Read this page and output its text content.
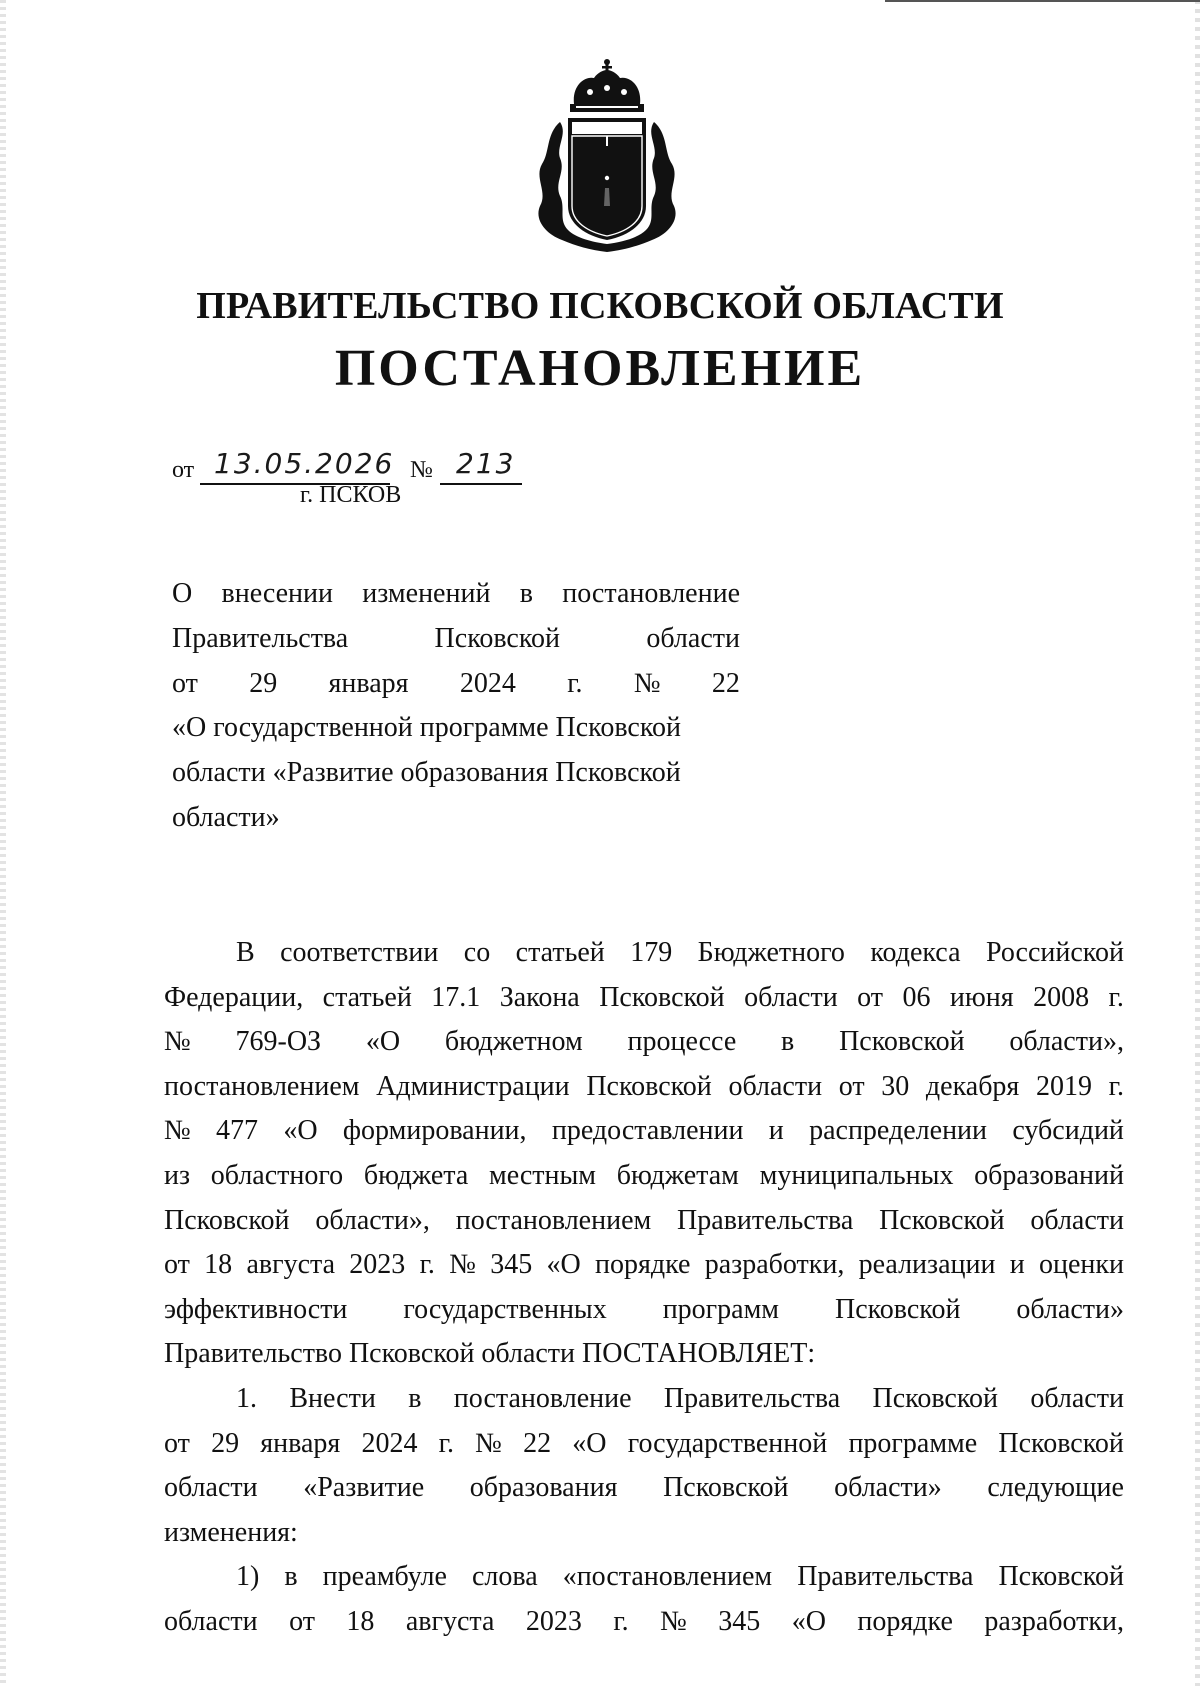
ПРАВИТЕЛЬСТВО ПСКОВСКОЙ ОБЛАСТИ
ПОСТАНОВЛЕНИЕ
от 13.05.2026 № 213
г. ПСКОВ
О внесении изменений в постановление
Правительства	Псковской	области
от 29 января 2024 г. № 22
«О государственной программе Псковской
области «Развитие образования Псковской
области»
В соответствии со статьей 179 Бюджетного кодекса Российской
Федерации, статьей 17.1 Закона Псковской области от 06 июня 2008 г.
№ 769-ОЗ «О бюджетном процессе в Псковской области»,
постановлением Администрации Псковской области от 30 декабря 2019 г.
№ 477 «О формировании, предоставлении и распределении субсидий
из областного бюджета местным бюджетам муниципальных образований
Псковской области», постановлением Правительства Псковской области
от 18 августа 2023 г. № 345 «О порядке разработки, реализации и оценки
эффективности государственных программ Псковской области»
Правительство Псковской области ПОСТАНОВЛЯЕТ:
1. Внести в постановление Правительства Псковской области
от 29 января 2024 г. № 22 «О государственной программе Псковской
области «Развитие образования Псковской области» следующие
изменения:
1) в преамбуле слова «постановлением Правительства Псковской
области от 18 августа 2023 г. № 345 «О порядке разработки,
